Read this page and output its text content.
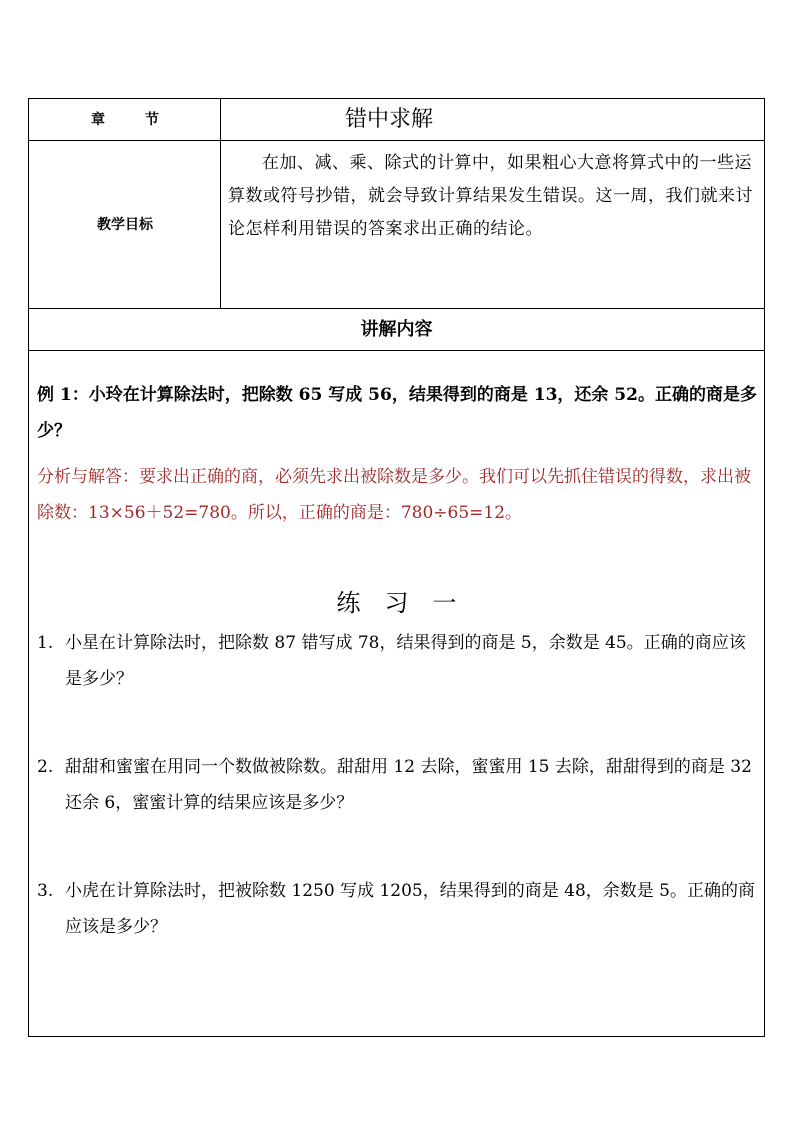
章节	错中求解
教学目标
在加、减、乘、除式的计算中，如果粗心大意将算式中的一些运算数或符号抄错，就会导致计算结果发生错误。这一周，我们就来讨论怎样利用错误的答案求出正确的结论。
讲解内容
例 1：小玲在计算除法时，把除数 65 写成 56，结果得到的商是 13，还余 52。正确的商是多少？
分析与解答：要求出正确的商，必须先求出被除数是多少。我们可以先抓住错误的得数，求出被除数：13×56＋52=780。所以，正确的商是：780÷65=12。
练习一
1. 小星在计算除法时，把除数 87 错写成 78，结果得到的商是 5，余数是 45。正确的商应该是多少？
2. 甜甜和蜜蜜在用同一个数做被除数。甜甜用 12 去除，蜜蜜用 15 去除，甜甜得到的商是 32 还余 6，蜜蜜计算的结果应该是多少？
3. 小虎在计算除法时，把被除数 1250 写成 1205，结果得到的商是 48，余数是 5。正确的商应该是多少？
